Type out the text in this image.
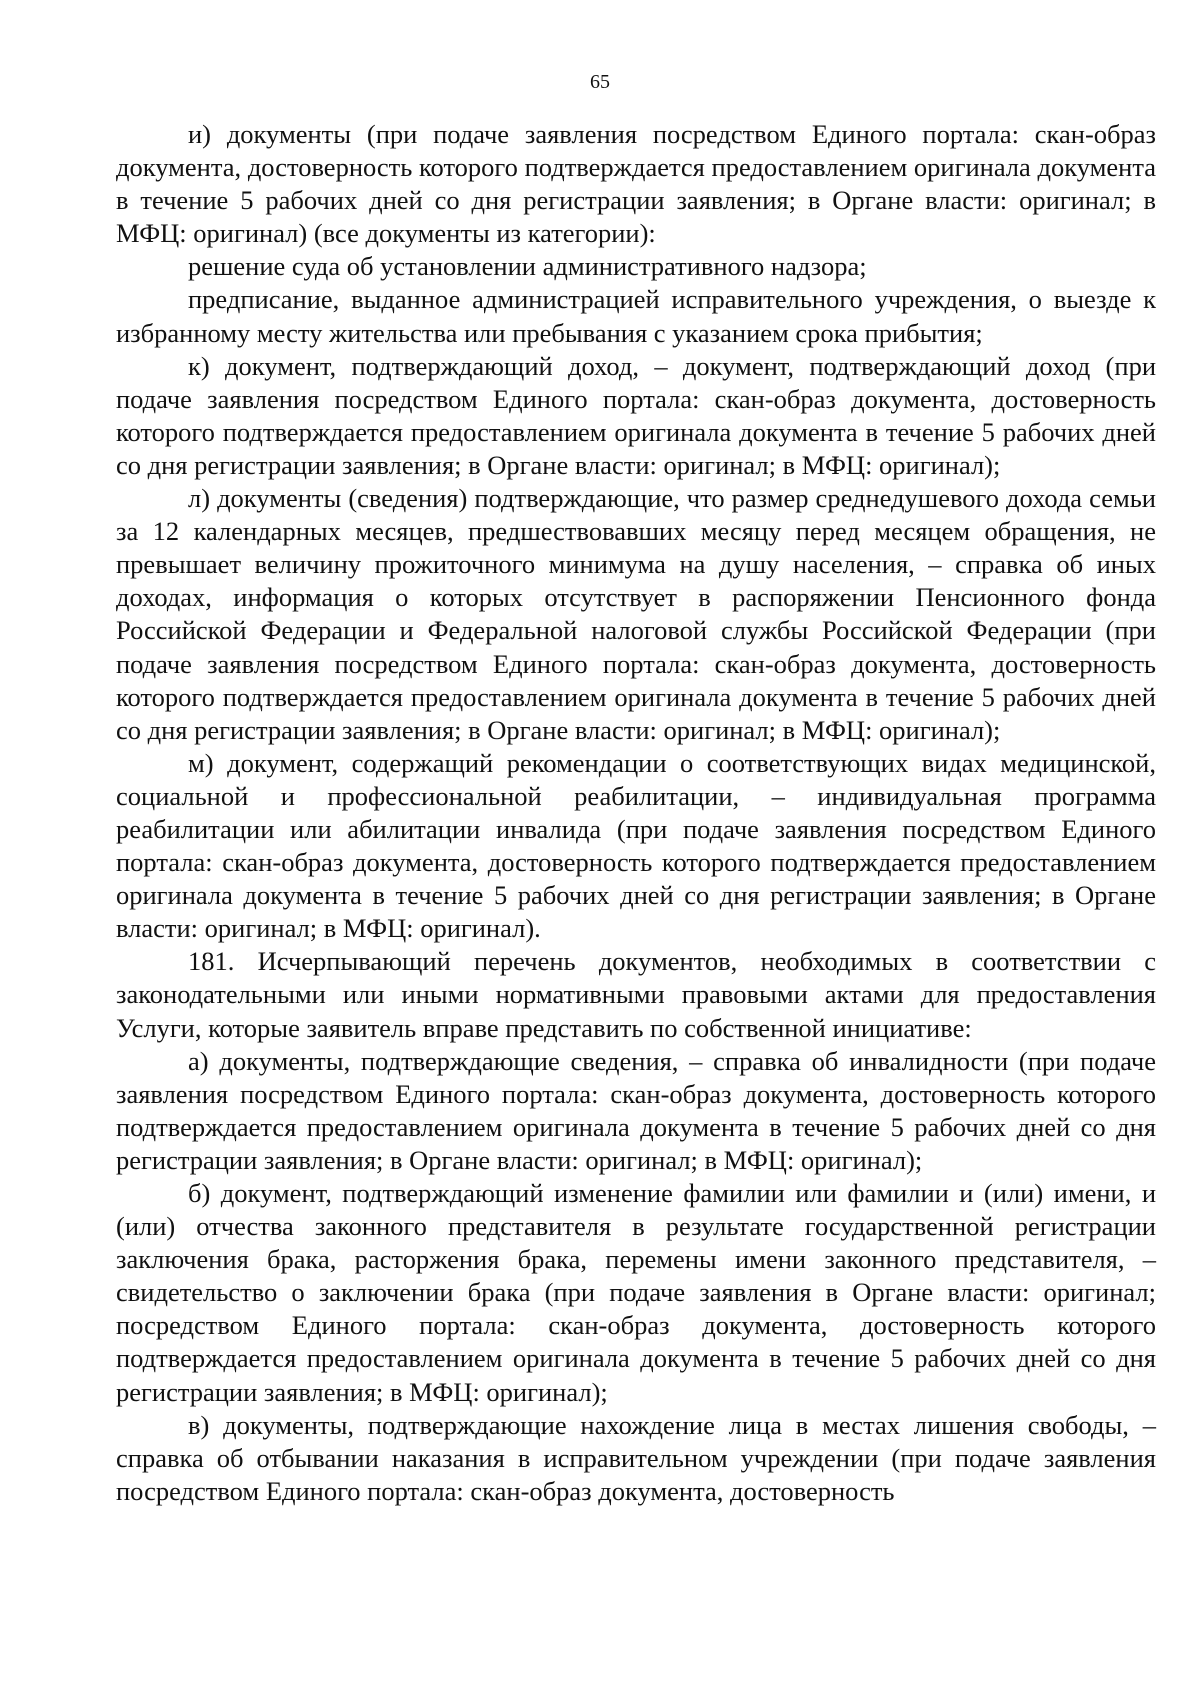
65

и) документы (при подаче заявления посредством Единого портала: скан-образ документа, достоверность которого подтверждается предоставлением оригинала документа в течение 5 рабочих дней со дня регистрации заявления; в Органе власти: оригинал; в МФЦ: оригинал) (все документы из категории):

решение суда об установлении административного надзора;

предписание, выданное администрацией исправительного учреждения, о выезде к избранному месту жительства или пребывания с указанием срока прибытия;

к) документ, подтверждающий доход, – документ, подтверждающий доход (при подаче заявления посредством Единого портала: скан-образ документа, достоверность которого подтверждается предоставлением оригинала документа в течение 5 рабочих дней со дня регистрации заявления; в Органе власти: оригинал; в МФЦ: оригинал);

л) документы (сведения) подтверждающие, что размер среднедушевого дохода семьи за 12 календарных месяцев, предшествовавших месяцу перед месяцем обращения, не превышает величину прожиточного минимума на душу населения, – справка об иных доходах, информация о которых отсутствует в распоряжении Пенсионного фонда Российской Федерации и Федеральной налоговой службы Российской Федерации (при подаче заявления посредством Единого портала: скан-образ документа, достоверность которого подтверждается предоставлением оригинала документа в течение 5 рабочих дней со дня регистрации заявления; в Органе власти: оригинал; в МФЦ: оригинал);

м) документ, содержащий рекомендации о соответствующих видах медицинской, социальной и профессиональной реабилитации, – индивидуальная программа реабилитации или абилитации инвалида (при подаче заявления посредством Единого портала: скан-образ документа, достоверность которого подтверждается предоставлением оригинала документа в течение 5 рабочих дней со дня регистрации заявления; в Органе власти: оригинал; в МФЦ: оригинал).

181. Исчерпывающий перечень документов, необходимых в соответствии с законодательными или иными нормативными правовыми актами для предоставления Услуги, которые заявитель вправе представить по собственной инициативе:

а) документы, подтверждающие сведения, – справка об инвалидности (при подаче заявления посредством Единого портала: скан-образ документа, достоверность которого подтверждается предоставлением оригинала документа в течение 5 рабочих дней со дня регистрации заявления; в Органе власти: оригинал; в МФЦ: оригинал);

б) документ, подтверждающий изменение фамилии или фамилии и (или) имени, и (или) отчества законного представителя в результате государственной регистрации заключения брака, расторжения брака, перемены имени законного представителя, – свидетельство о заключении брака (при подаче заявления в Органе власти: оригинал; посредством Единого портала: скан-образ документа, достоверность которого подтверждается предоставлением оригинала документа в течение 5 рабочих дней со дня регистрации заявления; в МФЦ: оригинал);

в) документы, подтверждающие нахождение лица в местах лишения свободы, – справка об отбывании наказания в исправительном учреждении (при подаче заявления посредством Единого портала: скан-образ документа, достоверность
